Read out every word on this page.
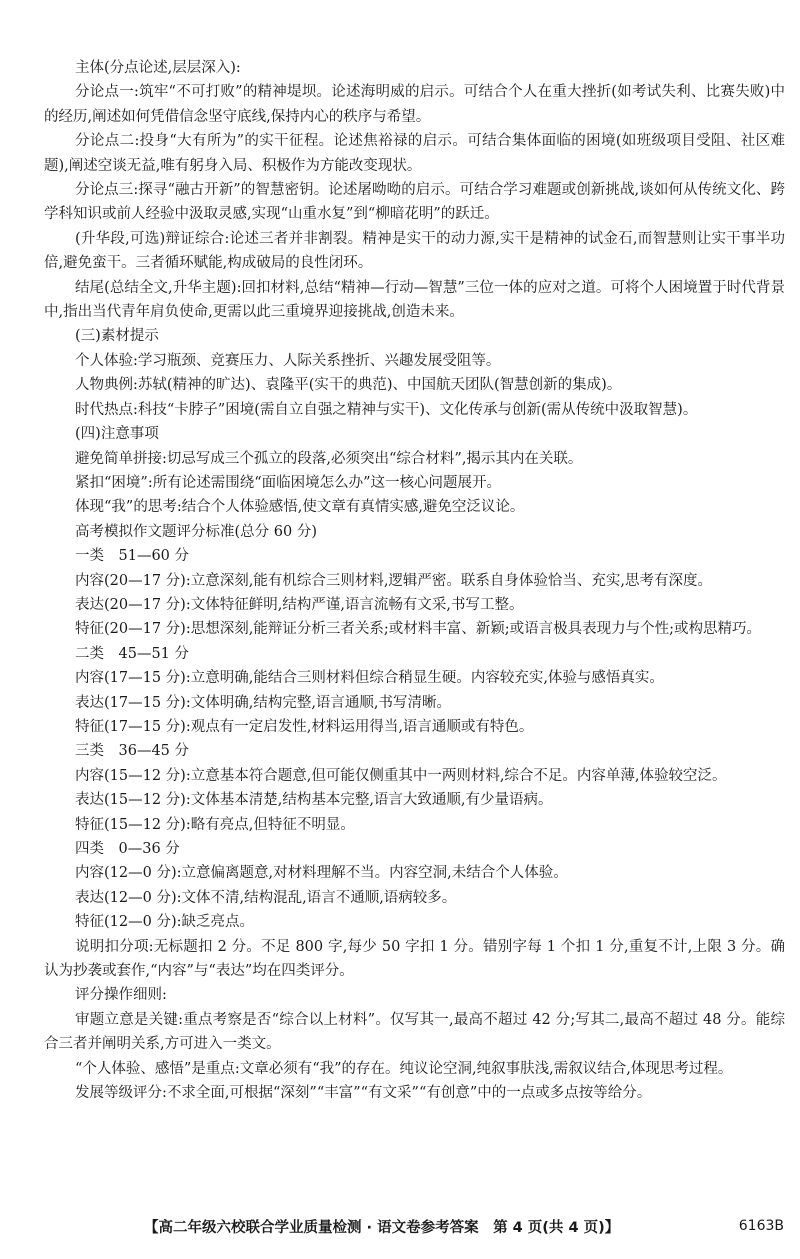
主体(分点论述,层层深入):

分论点一:筑牢“不可打败”的精神堤坝。论述海明威的启示。可结合个人在重大挫折(如考试失利、比赛失败)中的经历,阐述如何凭借信念坚守底线,保持内心的秩序与希望。

分论点二:投身“大有所为”的实干征程。论述焦裕禄的启示。可结合集体面临的困境(如班级项目受阻、社区难题),阐述空谈无益,唯有躬身入局、积极作为方能改变现状。

分论点三:探寻“融古开新”的智慧密钥。论述屠呦呦的启示。可结合学习难题或创新挑战,谈如何从传统文化、跨学科知识或前人经验中汲取灵感,实现“山重水复”到“柳暗花明”的跃迁。

(升华段,可选)辩证综合:论述三者并非割裂。精神是实干的动力源,实干是精神的试金石,而智慧则让实干事半功倍,避免蛮干。三者循环赋能,构成破局的良性闭环。

结尾(总结全文,升华主题):回扣材料,总结“精神—行动—智慧”三位一体的应对之道。可将个人困境置于时代背景中,指出当代青年肩负使命,更需以此三重境界迎接挑战,创造未来。

(三)素材提示

个人体验:学习瓶颈、竞赛压力、人际关系挫折、兴趣发展受阻等。

人物典例:苏轼(精神的旷达)、袁隆平(实干的典范)、中国航天团队(智慧创新的集成)。

时代热点:科技“卡脖子”困境(需自立自强之精神与实干)、文化传承与创新(需从传统中汲取智慧)。

(四)注意事项

避免简单拼接:切忌写成三个孤立的段落,必须突出“综合材料”,揭示其内在关联。

紧扣“困境”:所有论述需围绕“面临困境怎么办”这一核心问题展开。

体现“我”的思考:结合个人体验感悟,使文章有真情实感,避免空泛议论。

高考模拟作文题评分标准(总分 60 分)

一类　51—60 分

内容(20—17 分):立意深刻,能有机综合三则材料,逻辑严密。联系自身体验恰当、充实,思考有深度。

表达(20—17 分):文体特征鲜明,结构严谨,语言流畅有文采,书写工整。

特征(20—17 分):思想深刻,能辩证分析三者关系;或材料丰富、新颖;或语言极具表现力与个性;或构思精巧。

二类　45—51 分

内容(17—15 分):立意明确,能结合三则材料但综合稍显生硬。内容较充实,体验与感悟真实。

表达(17—15 分):文体明确,结构完整,语言通顺,书写清晰。

特征(17—15 分):观点有一定启发性,材料运用得当,语言通顺或有特色。

三类　36—45 分

内容(15—12 分):立意基本符合题意,但可能仅侧重其中一两则材料,综合不足。内容单薄,体验较空泛。

表达(15—12 分):文体基本清楚,结构基本完整,语言大致通顺,有少量语病。

特征(15—12 分):略有亮点,但特征不明显。

四类　0—36 分

内容(12—0 分):立意偏离题意,对材料理解不当。内容空洞,未结合个人体验。

表达(12—0 分):文体不清,结构混乱,语言不通顺,语病较多。

特征(12—0 分):缺乏亮点。

说明扣分项:无标题扣 2 分。不足 800 字,每少 50 字扣 1 分。错别字每 1 个扣 1 分,重复不计,上限 3 分。确认为抄袭或套作,“内容”与“表达”均在四类评分。

评分操作细则:

审题立意是关键:重点考察是否“综合以上材料”。仅写其一,最高不超过 42 分;写其二,最高不超过 48 分。能综合三者并阐明关系,方可进入一类文。

“个人体验、感悟”是重点:文章必须有“我”的存在。纯议论空洞,纯叙事肤浅,需叙议结合,体现思考过程。

发展等级评分:不求全面,可根据“深刻”“丰富”“有文采”“有创意”中的一点或多点按等给分。

【高二年级六校联合学业质量检测 · 语文卷参考答案　第 4 页(共 4 页)】	6163B
